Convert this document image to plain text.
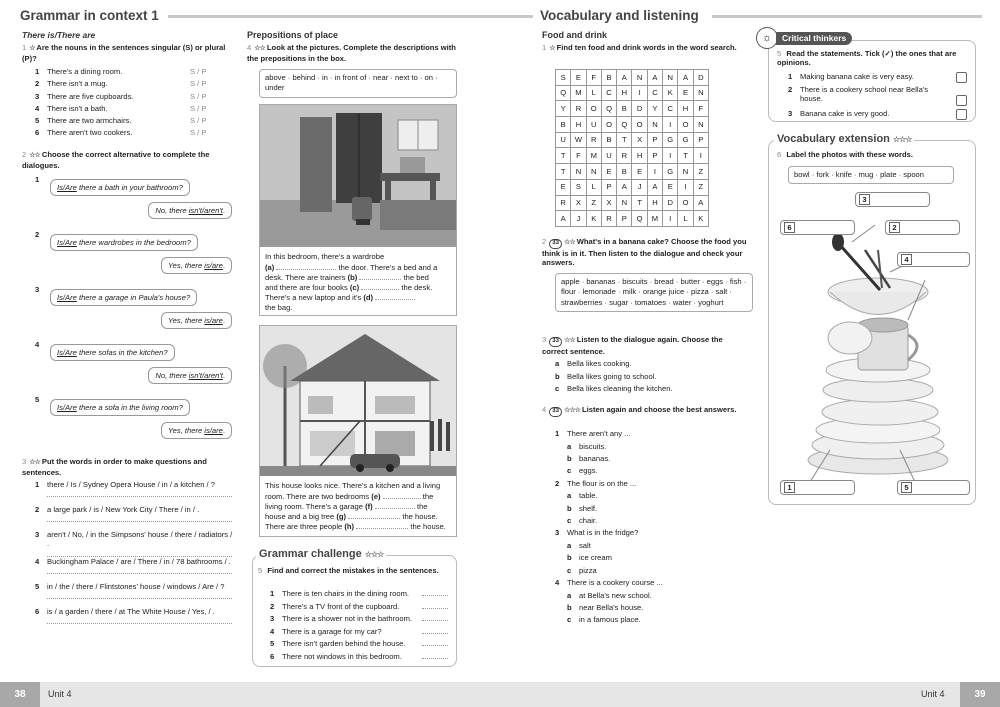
Grammar in context 1
There is/There are
1 ☆ Are the nouns in the sentences singular (S) or plural (P)?
1 There's a dining room.	S / P
2 There isn't a mug.	S / P
3 There are five cupboards.	S / P
4 There isn't a bath.	S / P
5 There are two armchairs.	S / P
6 There aren't two cookers.	S / P
2 ☆☆ Choose the correct alternative to complete the dialogues.
1
Is/Are there a bath in your bathroom?
No, there isn't/aren't.
2
Is/Are there wardrobes in the bedroom?
Yes, there is/are.
3
Is/Are there a garage in Paula's house?
Yes, there is/are.
4
Is/Are there sofas in the kitchen?
No, there isn't/aren't.
5
Is/Are there a sofa in the living room?
Yes, there is/are.
3 ☆☆ Put the words in order to make questions and sentences.
1	there / Is / Sydney Opera House / in / a kitchen / ?
2	a large park / is / New York City / There / in / .
3	aren't / No, / in the Simpsons' house / there / radiators / .
4	Buckingham Palace / are / There / in / 78 bathrooms / .
5	in / the / there / Flintstones' house / windows / Are / ?
6	is / a garden / there / at The White House / Yes, / .
Prepositions of place
4 ☆☆ Look at the pictures. Complete the descriptions with the prepositions in the box.
above · behind · in · in front of · near · next to · on · under
In this bedroom, there's a wardrobe
(a)	the door. There's a bed and a
desk. There are trainers (b)	the bed
and there are four books (c)	the desk.
There's a new laptop and it's (d)
the bag.
This house looks nice. There's a kitchen and a living
room. There are two bedrooms (e)	the
living room. There's a garage (f)	the
house and a big tree (g)	the house.
There are three people (h)	the house.
Grammar challenge ☆☆☆
5 Find and correct the mistakes in the sentences.
1 There is ten chairs in the dining room.
2 There's a TV front of the cupboard.
3 There is a shower not in the bathroom.
4 There is a garage for my car?
5 There isn't garden behind the house.
6 There not windows in this bedroom.
Vocabulary and listening
Food and drink
1 ☆ Find ten food and drink words in the word search.
S	E	F	B	A	N	A	N	A	D
Q	M	L	C	H	I	C	K	E	N
Y	R	O	Q	B	D	Y	C	H	F
B	H	U	O	Q	O	N	I	O	N
U	W	R	B	T	X	P	G	G	P
T	F	M	U	R	H	P	I	T	I
T	N	N	E	B	E	I	G	N	Z
E	S	L	P	A	J	A	E	I	Z
R	X	Z	X	N	T	H	D	O	A
A	J	K	R	P	Q	M	I	L	K
2 33 ☆☆ What's in a banana cake? Choose the food you think is in it. Then listen to the dialogue and check your answers.
apple · bananas · biscuits · bread · butter · eggs · fish · flour · lemonade · milk · orange juice · pizza · salt · strawberries · sugar · tomatoes · water · yoghurt
3 33 ☆☆ Listen to the dialogue again. Choose the correct sentence.
a Bella likes cooking.
b Bella likes going to school.
c Bella likes cleaning the kitchen.
4 33 ☆☆☆ Listen again and choose the best answers.
1 There aren't any ...
a biscuits.
b bananas.
c eggs.
2 The flour is on the ...
a table.
b shelf.
c chair.
3 What is in the fridge?
a salt
b ice cream
c pizza
4 There is a cookery course ...
a at Bella's new school.
b near Bella's house.
c in a famous place.
☼	Critical thinkers
5 Read the statements. Tick (✓) the ones that are opinions.
1	Making banana cake is very easy.
2	There is a cookery school near Bella's house.
3	Banana cake is very good.
Vocabulary extension ☆☆☆
6 Label the photos with these words.
bowl · fork · knife · mug · plate · spoon
3
6	2
4
1	5
38	Unit 4	Unit 4	39
